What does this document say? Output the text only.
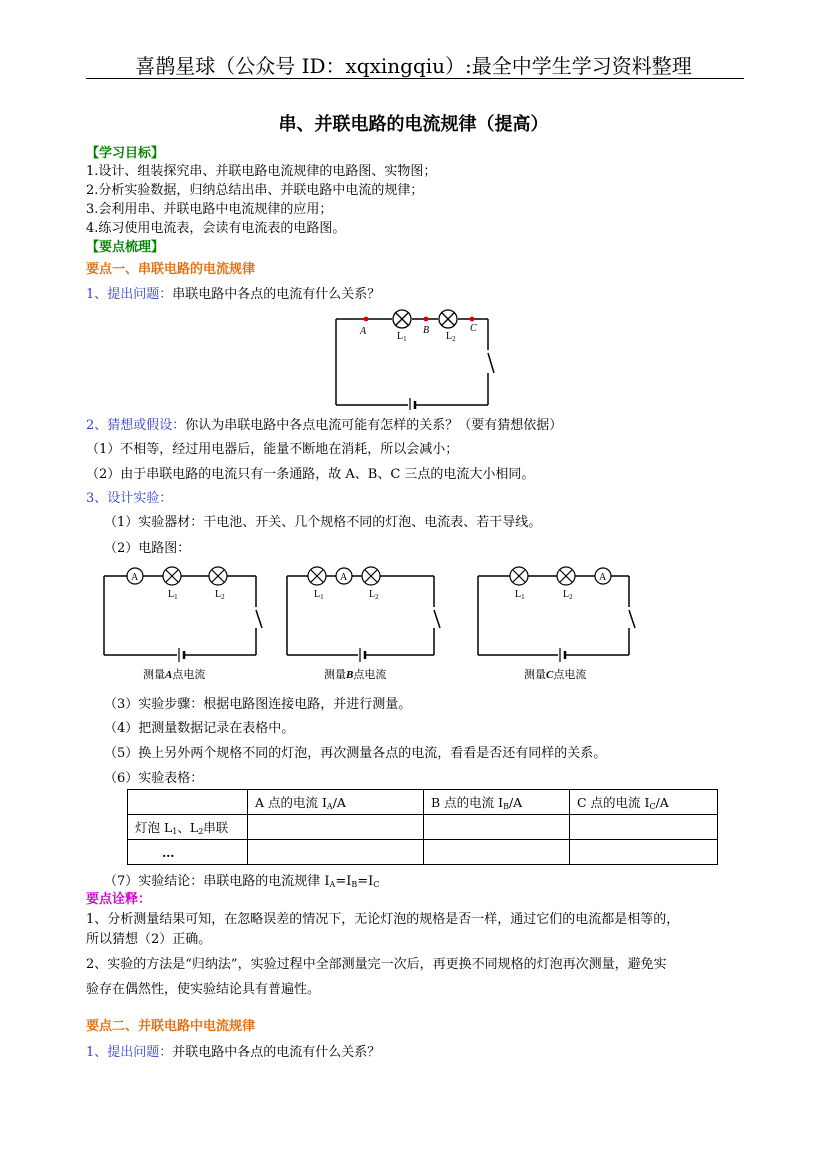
喜鹊星球（公众号 ID：xqxingqiu）:最全中学生学习资料整理
串、并联电路的电流规律（提高）
【学习目标】
1.设计、组装探究串、并联电路电流规律的电路图、实物图；
2.分析实验数据，归纳总结出串、并联电路中电流的规律；
3.会利用串、并联电路中电流规律的应用；
4.练习使用电流表，会读有电流表的电路图。
【要点梳理】
要点一、串联电路的电流规律
1、提出问题：串联电路中各点的电流有什么关系？
A	B	C
$L_1$	$L_2$
2、猜想或假设：你认为串联电路中各点电流可能有怎样的关系？（要有猜想依据）
（1）不相等，经过用电器后，能量不断地在消耗，所以会减小；
（2）由于串联电路的电流只有一条通路，故 A、B、C 三点的电流大小相同。
3、设计实验：
（1）实验器材：干电池、开关、几个规格不同的灯泡、电流表、若干导线。
（2）电路图：
A
$L_1$	$L_2$
测量A点电流
A
$L_1$	$L_2$
测量B点电流
A
$L_1$	$L_2$
测量C点电流
（3）实验步骤：根据电路图连接电路，并进行测量。
（4）把测量数据记录在表格中。
（5）换上另外两个规格不同的灯泡，再次测量各点的电流，看看是否还有同样的关系。
（6）实验表格：
	A 点的电流 $I_A/A$	B 点的电流 $I_B/A$	C 点的电流 $I_C/A$
灯泡 $L_1$、$L_2$串联			
…			
（7）实验结论：串联电路的电流规律 $I_A=I_B=I_C$
要点诠释：
1、分析测量结果可知，在忽略误差的情况下，无论灯泡的规格是否一样，通过它们的电流都是相等的，
所以猜想（2）正确。
2、实验的方法是“归纳法”，实验过程中全部测量完一次后，再更换不同规格的灯泡再次测量，避免实
验存在偶然性，使实验结论具有普遍性。
要点二、并联电路中电流规律
1、提出问题：并联电路中各点的电流有什么关系？
